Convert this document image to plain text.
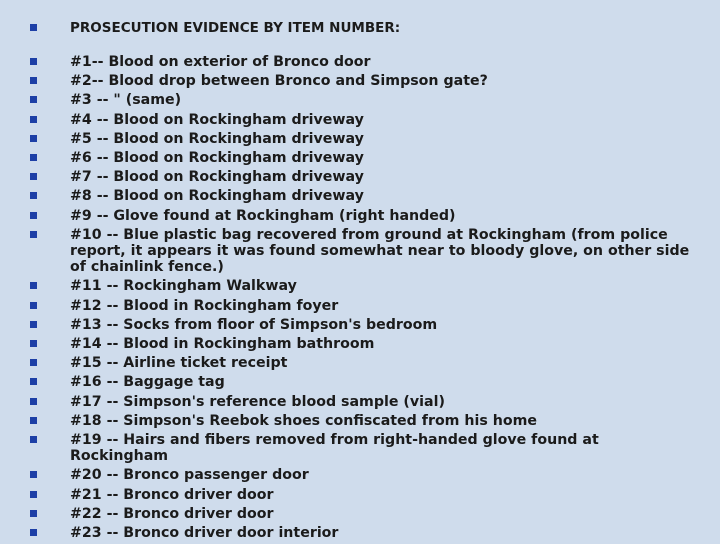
PROSECUTION EVIDENCE BY ITEM NUMBER:
#1-- Blood on exterior of Bronco door
#2-- Blood drop between Bronco and Simpson gate?
#3 -- " (same)
#4 -- Blood on Rockingham driveway
#5 -- Blood on Rockingham driveway
#6 -- Blood on Rockingham driveway
#7 -- Blood on Rockingham driveway
#8 -- Blood on Rockingham driveway
#9 -- Glove found at Rockingham (right handed)
#10 -- Blue plastic bag recovered from ground at Rockingham (from police report, it appears it was found somewhat near to bloody glove, on other side of chainlink fence.)
#11 -- Rockingham Walkway
#12 -- Blood in Rockingham foyer
#13 -- Socks from floor of Simpson's bedroom
#14 -- Blood in Rockingham bathroom
#15 -- Airline ticket receipt
#16 -- Baggage tag
#17 -- Simpson's reference blood sample (vial)
#18 -- Simpson's Reebok shoes confiscated from his home
#19 -- Hairs and fibers removed from right-handed glove found at Rockingham
#20 -- Bronco passenger door
#21 -- Bronco driver door
#22 -- Bronco driver door
#23 -- Bronco driver door interior
